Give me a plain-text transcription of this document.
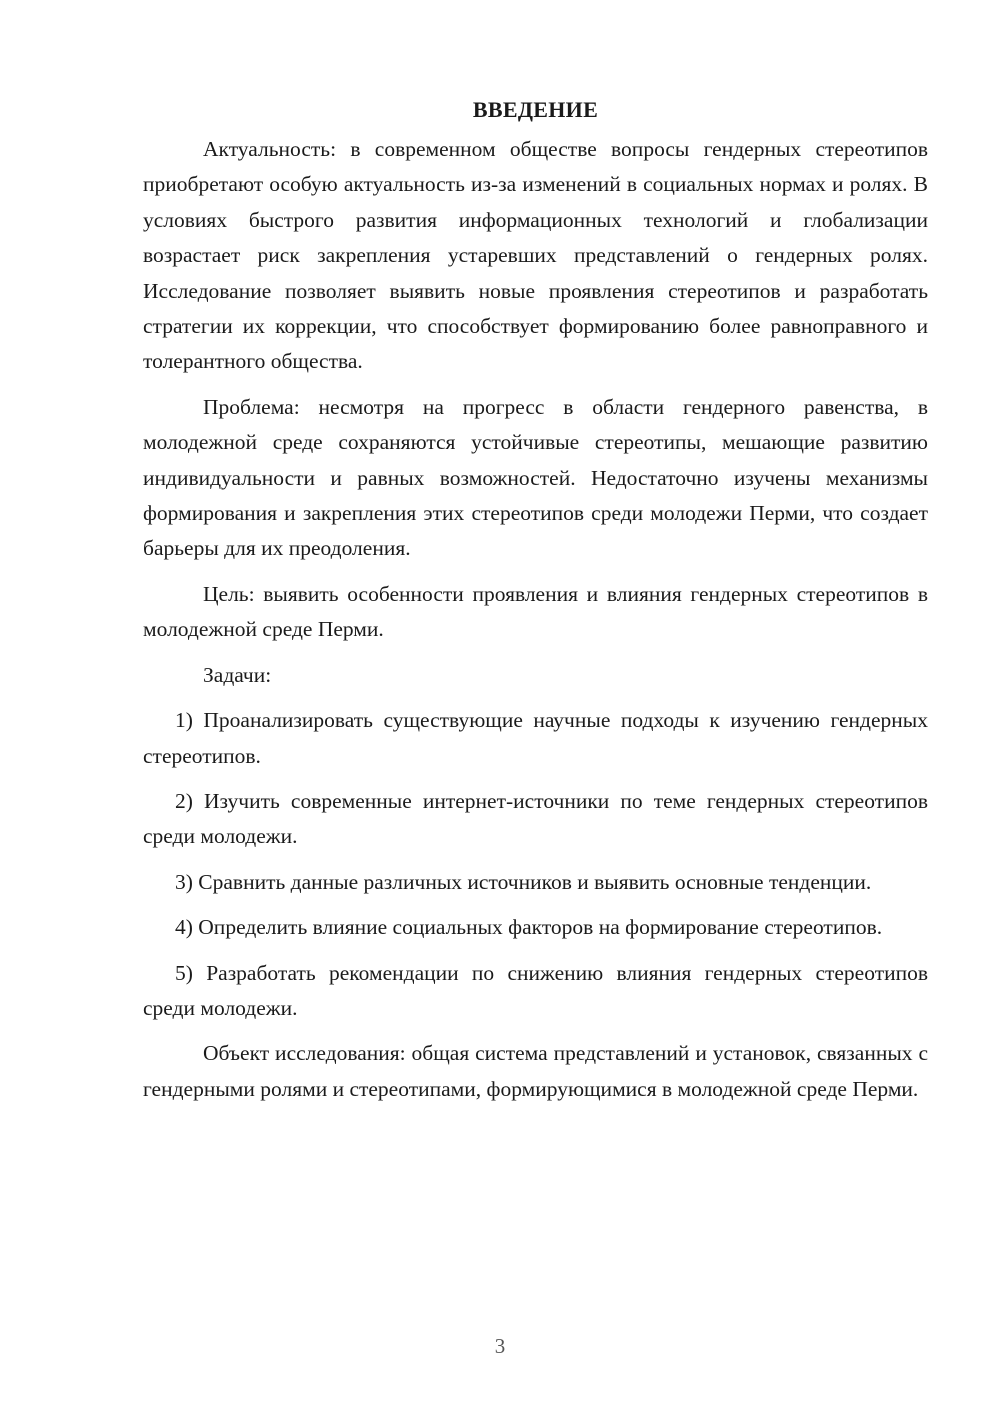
ВВЕДЕНИЕ

Актуальность: в современном обществе вопросы гендерных стереотипов приобретают особую актуальность из-за изменений в социальных нормах и ролях. В условиях быстрого развития информационных технологий и глобализации возрастает риск закрепления устаревших представлений о гендерных ролях. Исследование позволяет выявить новые проявления стереотипов и разработать стратегии их коррекции, что способствует формированию более равноправного и толерантного общества.

Проблема: несмотря на прогресс в области гендерного равенства, в молодежной среде сохраняются устойчивые стереотипы, мешающие развитию индивидуальности и равных возможностей. Недостаточно изучены механизмы формирования и закрепления этих стереотипов среди молодежи Перми, что создает барьеры для их преодоления.

Цель: выявить особенности проявления и влияния гендерных стереотипов в молодежной среде Перми.

Задачи:

1) Проанализировать существующие научные подходы к изучению гендерных стереотипов.

2) Изучить современные интернет-источники по теме гендерных стереотипов среди молодежи.

3) Сравнить данные различных источников и выявить основные тенденции.

4) Определить влияние социальных факторов на формирование стереотипов.

5) Разработать рекомендации по снижению влияния гендерных стереотипов среди молодежи.

Объект исследования: общая система представлений и установок, связанных с гендерными ролями и стереотипами, формирующимися в молодежной среде Перми.

3
